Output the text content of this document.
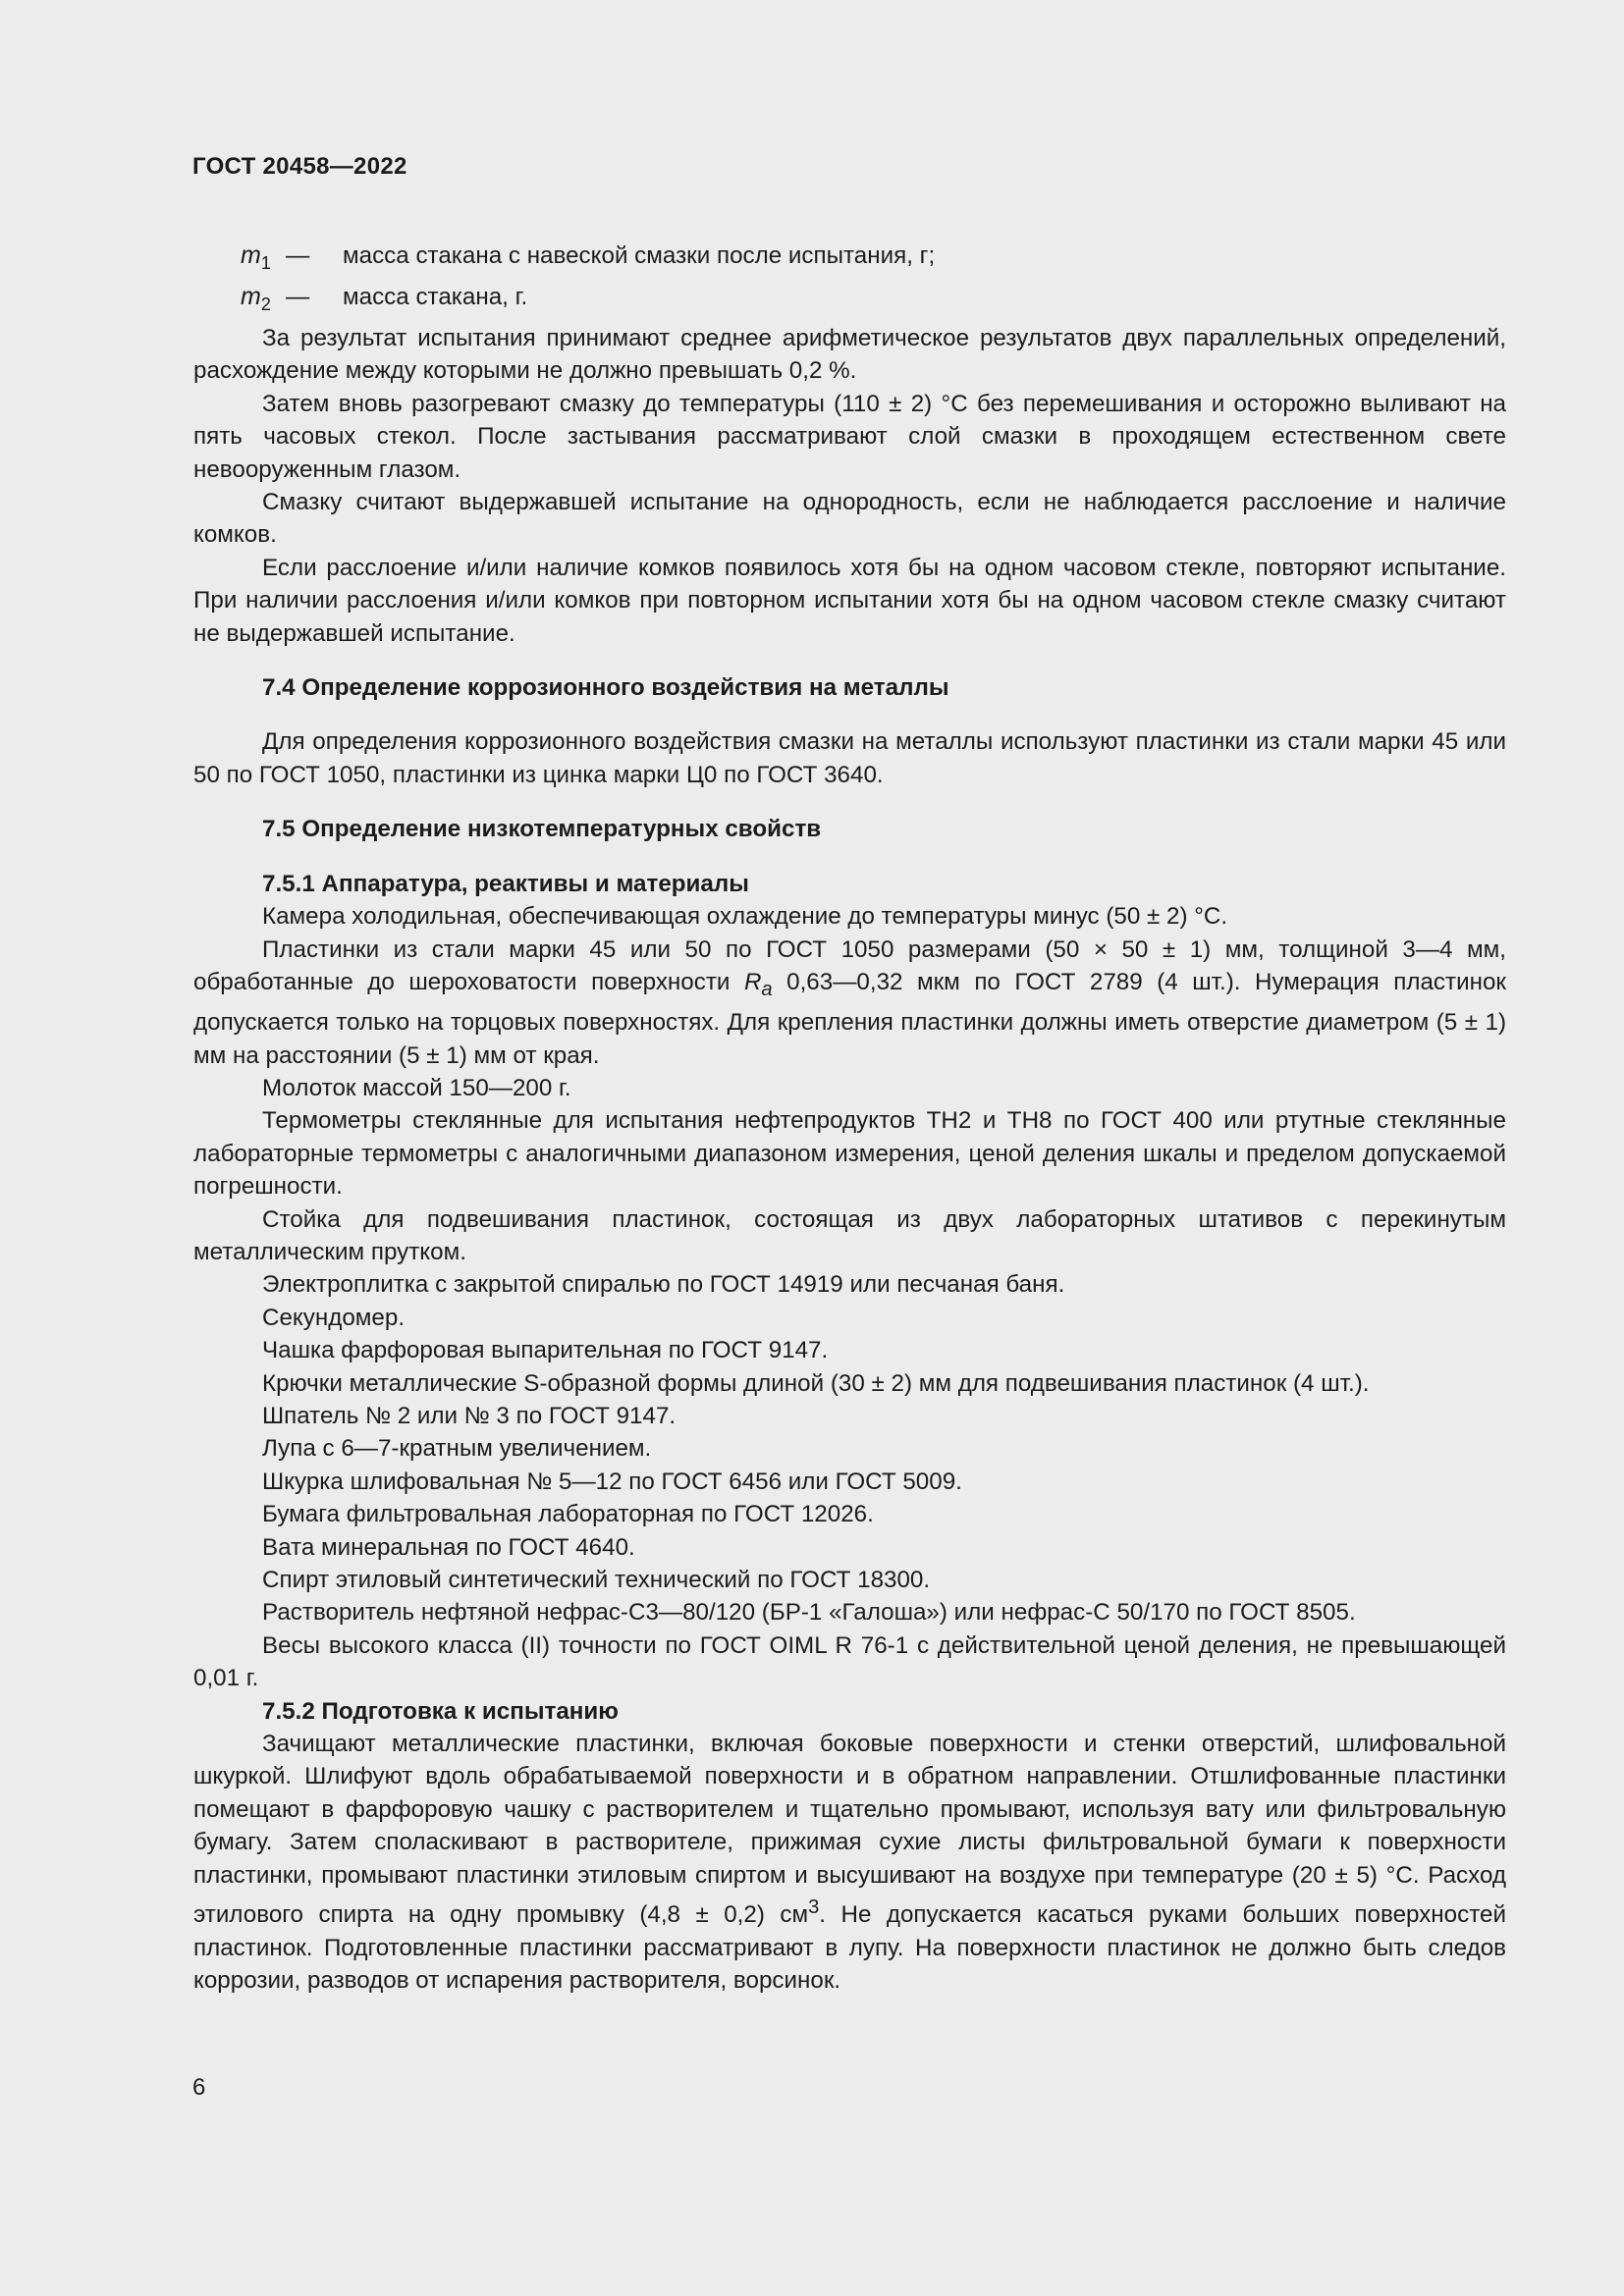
ГОСТ 20458—2022
$m_1$ —	масса стакана с навеской смазки после испытания, г;
$m_2$ —	масса стакана, г.

За результат испытания принимают среднее арифметическое результатов двух параллельных определений, расхождение между которыми не должно превышать 0,2 %.

Затем вновь разогревают смазку до температуры (110 ± 2) °C без перемешивания и осторожно выливают на пять часовых стекол. После застывания рассматривают слой смазки в проходящем естественном свете невооруженным глазом.

Смазку считают выдержавшей испытание на однородность, если не наблюдается расслоение и наличие комков.

Если расслоение и/или наличие комков появилось хотя бы на одном часовом стекле, повторяют испытание. При наличии расслоения и/или комков при повторном испытании хотя бы на одном часовом стекле смазку считают не выдержавшей испытание.

7.4 Определение коррозионного воздействия на металлы

Для определения коррозионного воздействия смазки на металлы используют пластинки из стали марки 45 или 50 по ГОСТ 1050, пластинки из цинка марки Ц0 по ГОСТ 3640.

7.5 Определение низкотемпературных свойств
7.5.1 Аппаратура, реактивы и материалы

Камера холодильная, обеспечивающая охлаждение до температуры минус (50 ± 2) °C.

Пластинки из стали марки 45 или 50 по ГОСТ 1050 размерами (50 × 50 ± 1) мм, толщиной 3—4 мм, обработанные до шероховатости поверхности $R_a$ 0,63—0,32 мкм по ГОСТ 2789 (4 шт.). Нумерация пластинок допускается только на торцовых поверхностях. Для крепления пластинки должны иметь отверстие диаметром (5 ± 1) мм на расстоянии (5 ± 1) мм от края.

Молоток массой 150—200 г.

Термометры стеклянные для испытания нефтепродуктов ТН2 и ТН8 по ГОСТ 400 или ртутные стеклянные лабораторные термометры с аналогичными диапазоном измерения, ценой деления шкалы и пределом допускаемой погрешности.

Стойка для подвешивания пластинок, состоящая из двух лабораторных штативов с перекинутым металлическим прутком.

Электроплитка с закрытой спиралью по ГОСТ 14919 или песчаная баня.

Секундомер.

Чашка фарфоровая выпарительная по ГОСТ 9147.

Крючки металлические S-образной формы длиной (30 ± 2) мм для подвешивания пластинок (4 шт.).

Шпатель № 2 или № 3 по ГОСТ 9147.

Лупа с 6—7-кратным увеличением.

Шкурка шлифовальная № 5—12 по ГОСТ 6456 или ГОСТ 5009.

Бумага фильтровальная лабораторная по ГОСТ 12026.

Вата минеральная по ГОСТ 4640.

Спирт этиловый синтетический технический по ГОСТ 18300.

Растворитель нефтяной нефрас-С3—80/120 (БР-1 «Галоша») или нефрас-С 50/170 по ГОСТ 8505.

Весы высокого класса (II) точности по ГОСТ OIML R 76-1 с действительной ценой деления, не превышающей 0,01 г.

7.5.2 Подготовка к испытанию

Зачищают металлические пластинки, включая боковые поверхности и стенки отверстий, шлифовальной шкуркой. Шлифуют вдоль обрабатываемой поверхности и в обратном направлении. Отшлифованные пластинки помещают в фарфоровую чашку с растворителем и тщательно промывают, используя вату или фильтровальную бумагу. Затем споласкивают в растворителе, прижимая сухие листы фильтровальной бумаги к поверхности пластинки, промывают пластинки этиловым спиртом и высушивают на воздухе при температуре (20 ± 5) °C. Расход этилового спирта на одну промывку (4,8 ± 0,2) $см^3$. Не допускается касаться руками больших поверхностей пластинок. Подготовленные пластинки рассматривают в лупу. На поверхности пластинок не должно быть следов коррозии, разводов от испарения растворителя, ворсинок.

6
